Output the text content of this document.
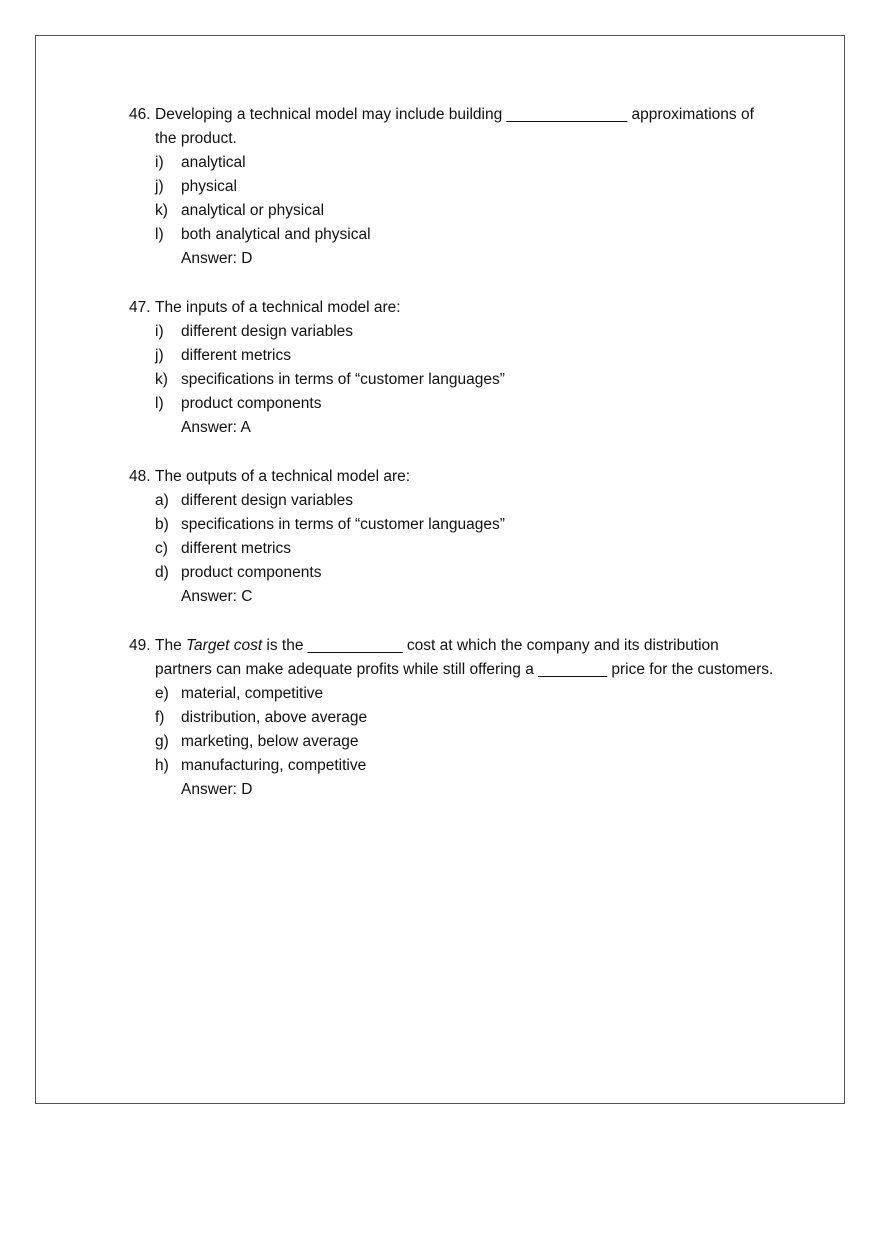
46. Developing a technical model may include building ______________ approximations of the product.
i)	analytical
j)	physical
k) analytical or physical
l)	both analytical and physical
Answer: D
47. The inputs of a technical model are:
i)	different design variables
j)	different metrics
k) specifications in terms of “customer languages”
l)	product components
Answer: A
48. The outputs of a technical model are:
a) different design variables
b) specifications in terms of “customer languages”
c) different metrics
d) product components
Answer: C
49. The Target cost is the ___________ cost at which the company and its distribution partners can make adequate profits while still offering a ________ price for the customers.
e) material, competitive
f)	distribution, above average
g) marketing, below average
h) manufacturing, competitive
Answer: D
